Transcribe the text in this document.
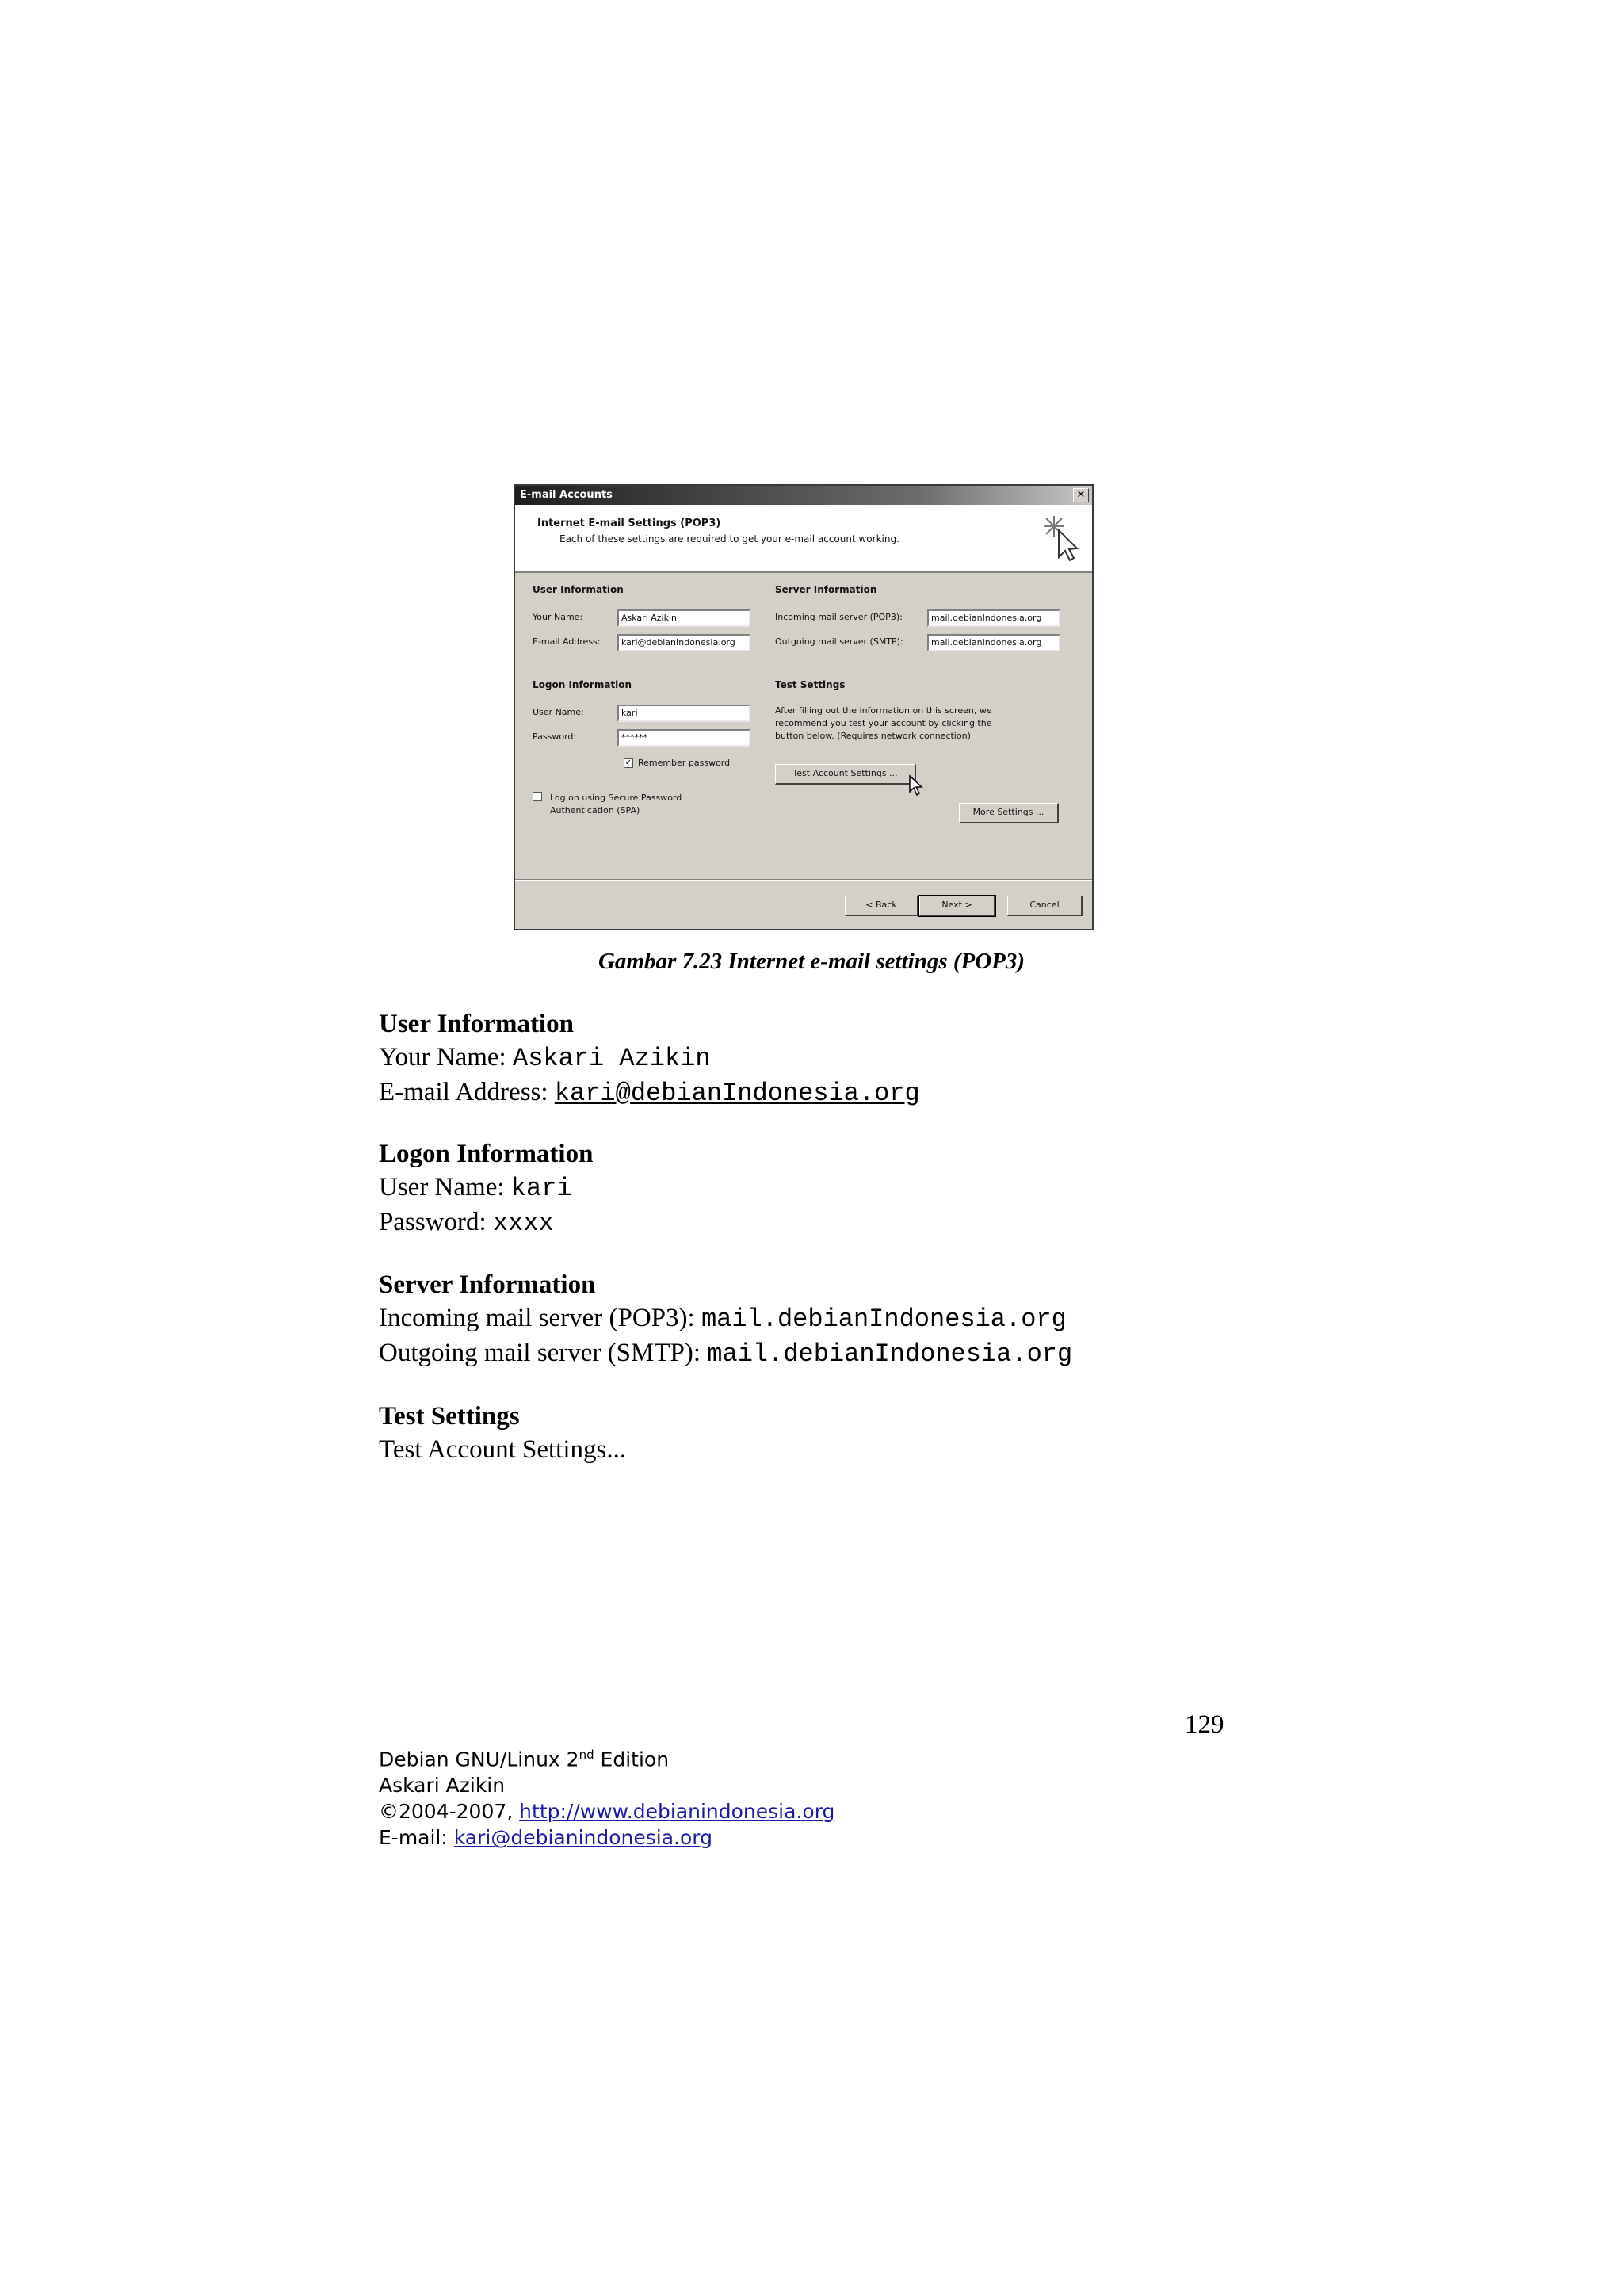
E-mail Accounts	✕
Internet E-mail Settings (POP3)
Each of these settings are required to get your e-mail account working.
User Information
Your Name:	Askari Azikin
E-mail Address:	kari@debianIndonesia.org
Logon Information
User Name:	kari
Password:	******
✓ Remember password
Log on using Secure Password
Authentication (SPA)
Server Information
Incoming mail server (POP3):	mail.debianIndonesia.org
Outgoing mail server (SMTP):	mail.debianIndonesia.org
Test Settings
After filling out the information on this screen, we
recommend you test your account by clicking the
button below. (Requires network connection)
Test Account Settings ...
More Settings ...
< Back	Next >	Cancel
Gambar 7.23 Internet e-mail settings (POP3)
User Information
Your Name: Askari Azikin
E-mail Address: kari@debianIndonesia.org
Logon Information
User Name: kari
Password: xxxx
Server Information
Incoming mail server (POP3): mail.debianIndonesia.org
Outgoing mail server (SMTP): mail.debianIndonesia.org
Test Settings
Test Account Settings...
129
Debian GNU/Linux 2nd Edition
Askari Azikin
©2004-2007, http://www.debianindonesia.org
E-mail: kari@debianindonesia.org
